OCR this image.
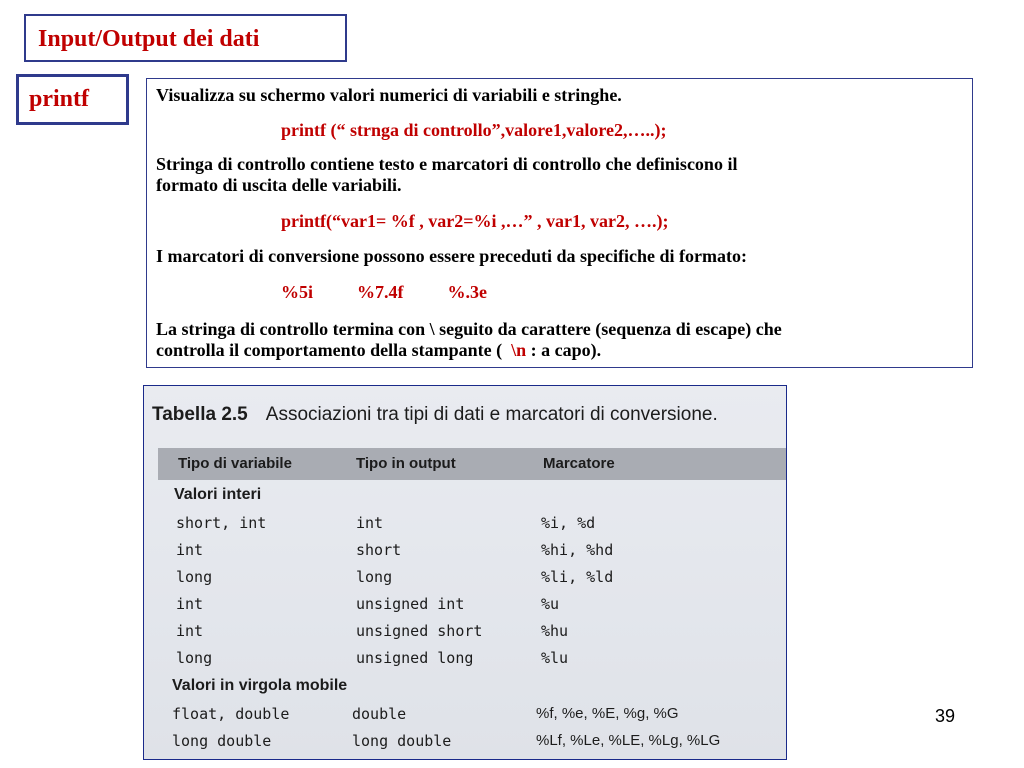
Input/Output dei dati
printf	Visualizza su schermo valori numerici di variabili e stringhe.

printf (“ strnga di controllo”,valore1,valore2,…..);

Stringa di controllo contiene testo e marcatori di controllo che definiscono il

formato di uscita delle variabili.

printf(“var1= %f , var2=%i ,…” , var1, var2, ….);

I marcatori di conversione possono essere preceduti da specifiche di formato:

%5i %7.4f %.3e

La stringa di controllo termina con \ seguito da carattere (sequenza di escape) che

controlla il comportamento della stampante (  \n : a capo).

Tabella 2.5 Associazioni tra tipi di dati e marcatori di conversione.
Tipo di variabile	Tipo in output	Marcatore
Valori interi
short, int	int	%i, %d
int	short	%hi, %hd
long	long	%li, %ld
int	unsigned int	%u
int	unsigned short	%hu
long	unsigned long	%lu
Valori in virgola mobile
float, double	double	%f, %e, %E, %g, %G
long double	long double	%Lf, %Le, %LE, %Lg, %LG
39
